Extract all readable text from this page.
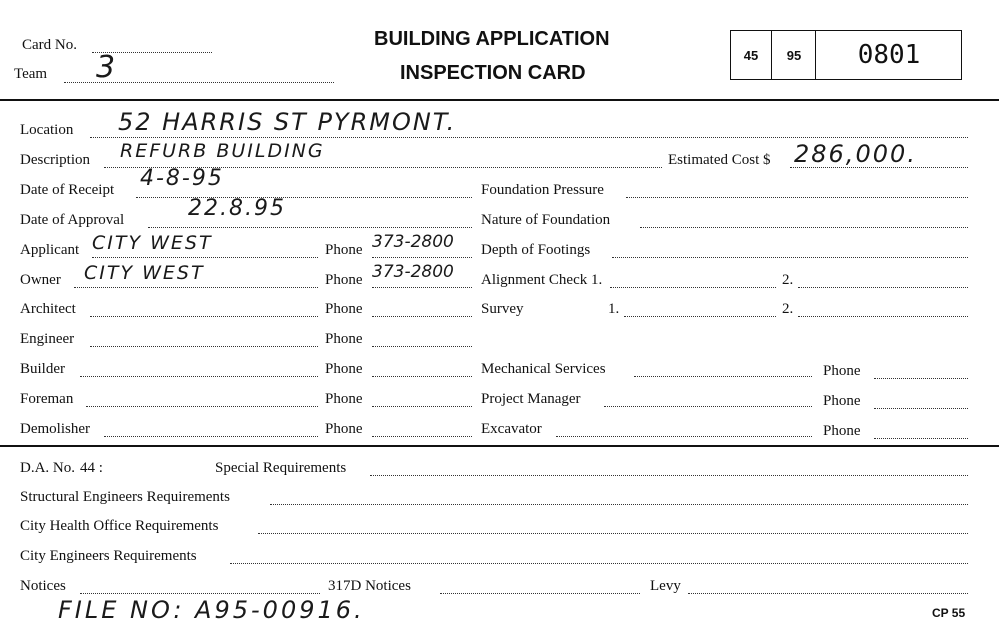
Card No.
Team 3
BUILDING APPLICATION
INSPECTION CARD
45	95	0801
Location 52 HARRIS ST PYRMONT.
Description REFURB BUILDING	Estimated Cost $ 286,000.
Date of Receipt 4-8-95	Foundation Pressure
Date of Approval	22.8.95	Nature of Foundation
Applicant CITY WEST	Phone 373-2800 Depth of Footings
Owner CITY WEST	Phone 373-2800 Alignment Check 1.	2.
Architect	Phone	Survey	1.	2.
Engineer	Phone
Builder	Phone	Mechanical Services	Phone
Foreman	Phone	Project Manager	Phone
Demolisher	Phone	Excavator	Phone
D.A. No. 44 :	Special Requirements
Structural Engineers Requirements
City Health Office Requirements
City Engineers Requirements
Notices	317D Notices	Levy
FILE NO: A95-00916.	CP 55
